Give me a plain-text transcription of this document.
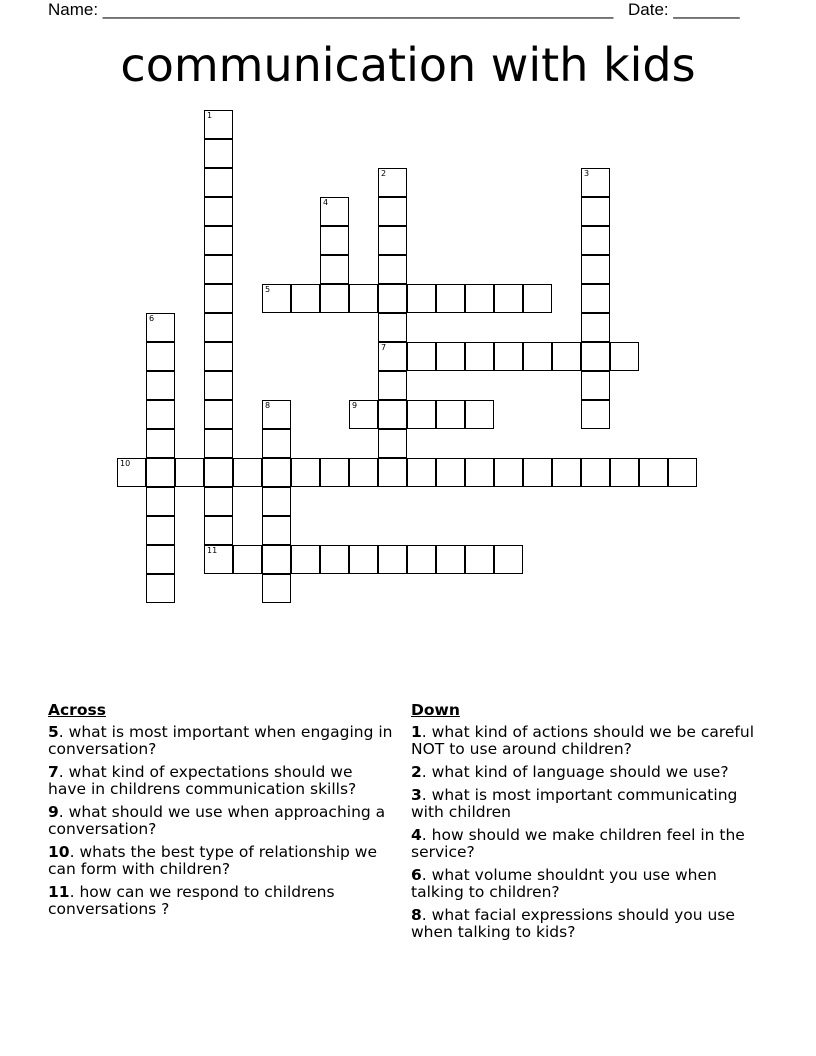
Name: ______________________________________________________ Date: _______
communication with kids
1
11
2
7
3
4
5
6
8	9
10
Across
5. what is most important when engaging in conversation?
7. what kind of expectations should we have in childrens communication skills?
9. what should we use when approaching a conversation?
10. whats the best type of relationship we can form with children?
11. how can we respond to childrens conversations ?
Down
1. what kind of actions should we be careful NOT to use around children?
2. what kind of language should we use?
3. what is most important communicating with children
4. how should we make children feel in the service?
6. what volume shouldnt you use when talking to children?
8. what facial expressions should you use when talking to kids?
